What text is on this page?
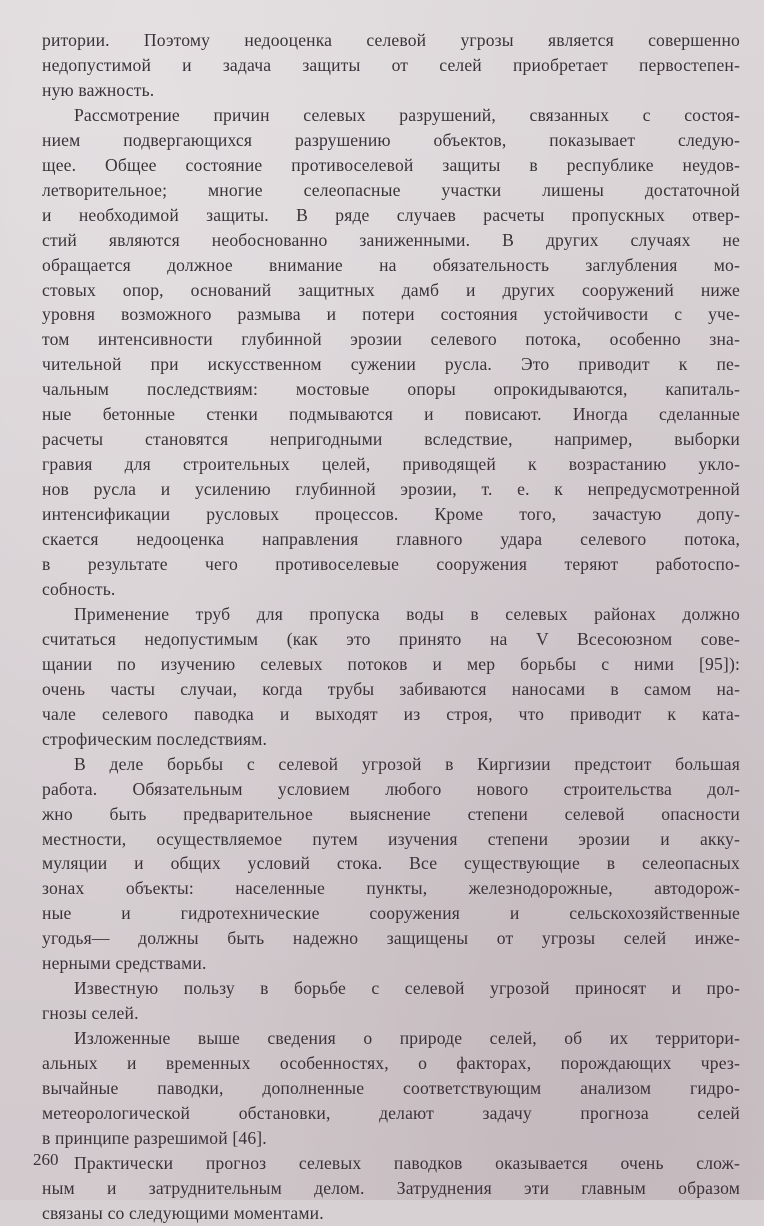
ритории. Поэтому недооценка селевой угрозы является совершенно
недопустимой и задача защиты от селей приобретает первостепен-
ную важность.
Рассмотрение причин селевых разрушений, связанных с состоя-
нием подвергающихся разрушению объектов, показывает следую-
щее. Общее состояние противоселевой защиты в республике неудов-
летворительное; многие селеопасные участки лишены достаточной
и необходимой защиты. В ряде случаев расчеты пропускных отвер-
стий являются необоснованно заниженными. В других случаях не
обращается должное внимание на обязательность заглубления мо-
стовых опор, оснований защитных дамб и других сооружений ниже
уровня возможного размыва и потери состояния устойчивости с уче-
том интенсивности глубинной эрозии селевого потока, особенно зна-
чительной при искусственном сужении русла. Это приводит к пе-
чальным последствиям: мостовые опоры опрокидываются, капиталь-
ные бетонные стенки подмываются и повисают. Иногда сделанные
расчеты становятся непригодными вследствие, например, выборки
гравия для строительных целей, приводящей к возрастанию укло-
нов русла и усилению глубинной эрозии, т. е. к непредусмотренной
интенсификации русловых процессов. Кроме того, зачастую допу-
скается недооценка направления главного удара селевого потока,
в результате чего противоселевые сооружения теряют работоспо-
собность.
Применение труб для пропуска воды в селевых районах должно
считаться недопустимым (как это принято на V Всесоюзном сове-
щании по изучению селевых потоков и мер борьбы с ними [95]):
очень часты случаи, когда трубы забиваются наносами в самом на-
чале селевого паводка и выходят из строя, что приводит к ката-
строфическим последствиям.
В деле борьбы с селевой угрозой в Киргизии предстоит большая
работа. Обязательным условием любого нового строительства дол-
жно быть предварительное выяснение степени селевой опасности
местности, осуществляемое путем изучения степени эрозии и акку-
муляции и общих условий стока. Все существующие в селеопасных
зонах объекты: населенные пункты, железнодорожные, автодорож-
ные и гидротехнические сооружения и сельскохозяйственные
угодья— должны быть надежно защищены от угрозы селей инже-
нерными средствами.
Известную пользу в борьбе с селевой угрозой приносят и про-
гнозы селей.
Изложенные выше сведения о природе селей, об их территори-
альных и временных особенностях, о факторах, порождающих чрез-
вычайные паводки, дополненные соответствующим анализом гидро-
метеорологической обстановки, делают задачу прогноза селей
в принципе разрешимой [46].
Практически прогноз селевых паводков оказывается очень слож-
ным и затруднительным делом. Затруднения эти главным образом
связаны со следующими моментами.
260
